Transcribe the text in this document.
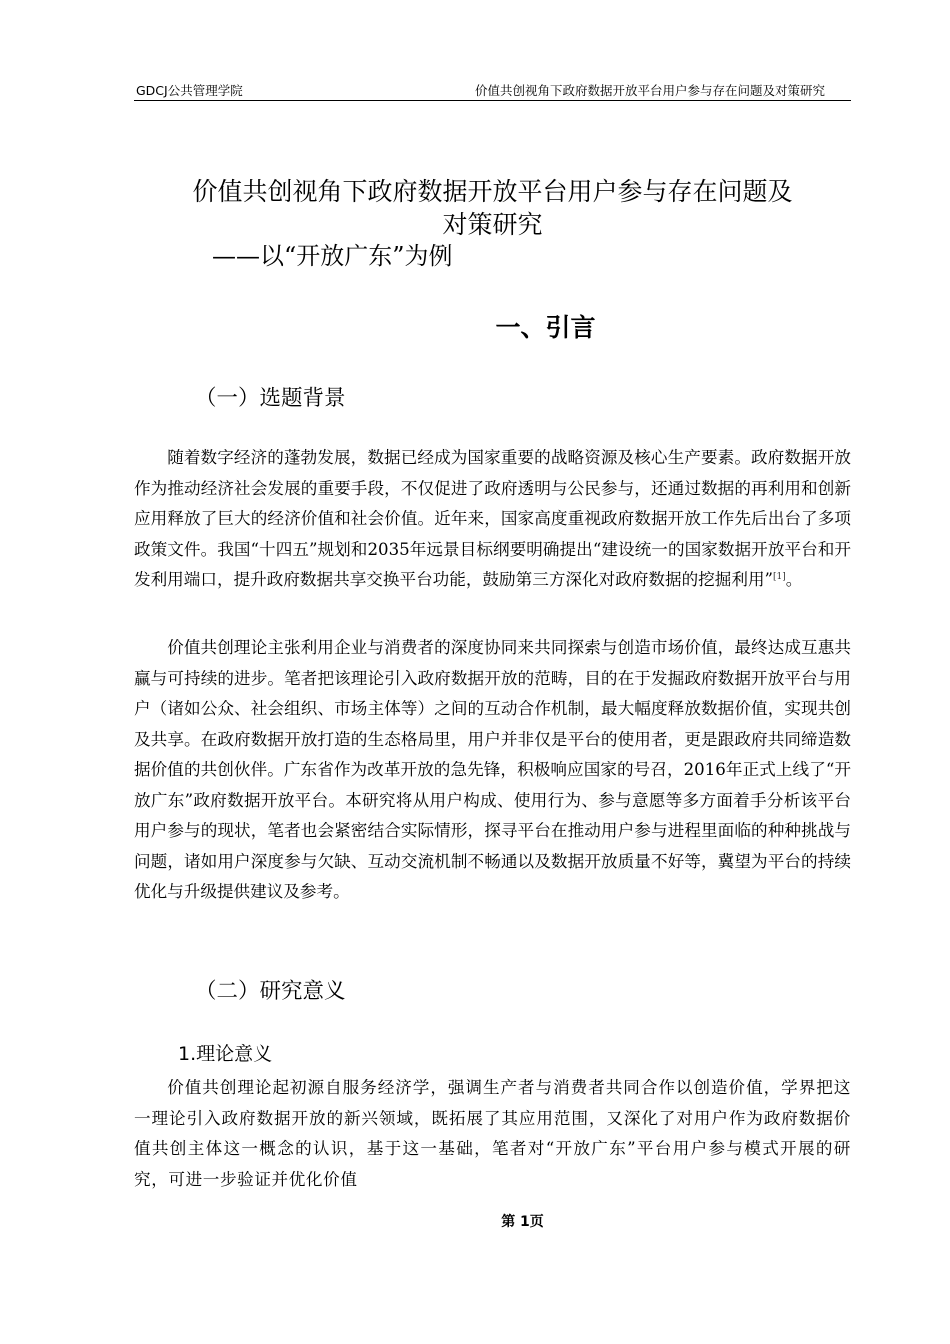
GDCJ公共管理学院	价值共创视角下政府数据开放平台用户参与存在问题及对策研究
价值共创视角下政府数据开放平台用户参与存在问题及
对策研究
——以“开放广东”为例
一、引言
（一）选题背景
随着数字经济的蓬勃发展，数据已经成为国家重要的战略资源及核心生产要素。政府数据开放作为推动经济社会发展的重要手段，不仅促进了政府透明与公民参与，还通过数据的再利用和创新应用释放了巨大的经济价值和社会价值。近年来，国家高度重视政府数据开放工作先后出台了多项政策文件。我国“十四五”规划和2035年远景目标纲要明确提出“建设统一的国家数据开放平台和开发利用端口，提升政府数据共享交换平台功能，鼓励第三方深化对政府数据的挖掘利用”[1]。
价值共创理论主张利用企业与消费者的深度协同来共同探索与创造市场价值，最终达成互惠共赢与可持续的进步。笔者把该理论引入政府数据开放的范畴，目的在于发掘政府数据开放平台与用户（诸如公众、社会组织、市场主体等）之间的互动合作机制，最大幅度释放数据价值，实现共创及共享。在政府数据开放打造的生态格局里，用户并非仅是平台的使用者，更是跟政府共同缔造数据价值的共创伙伴。广东省作为改革开放的急先锋，积极响应国家的号召，2016年正式上线了“开放广东”政府数据开放平台。本研究将从用户构成、使用行为、参与意愿等多方面着手分析该平台用户参与的现状，笔者也会紧密结合实际情形，探寻平台在推动用户参与进程里面临的种种挑战与问题，诸如用户深度参与欠缺、互动交流机制不畅通以及数据开放质量不好等，冀望为平台的持续优化与升级提供建议及参考。
（二）研究意义
1.理论意义
价值共创理论起初源自服务经济学，强调生产者与消费者共同合作以创造价值，学界把这一理论引入政府数据开放的新兴领域，既拓展了其应用范围，又深化了对用户作为政府数据价值共创主体这一概念的认识，基于这一基础，笔者对“开放广东”平台用户参与模式开展的研究，可进一步验证并优化价值
第 1页
